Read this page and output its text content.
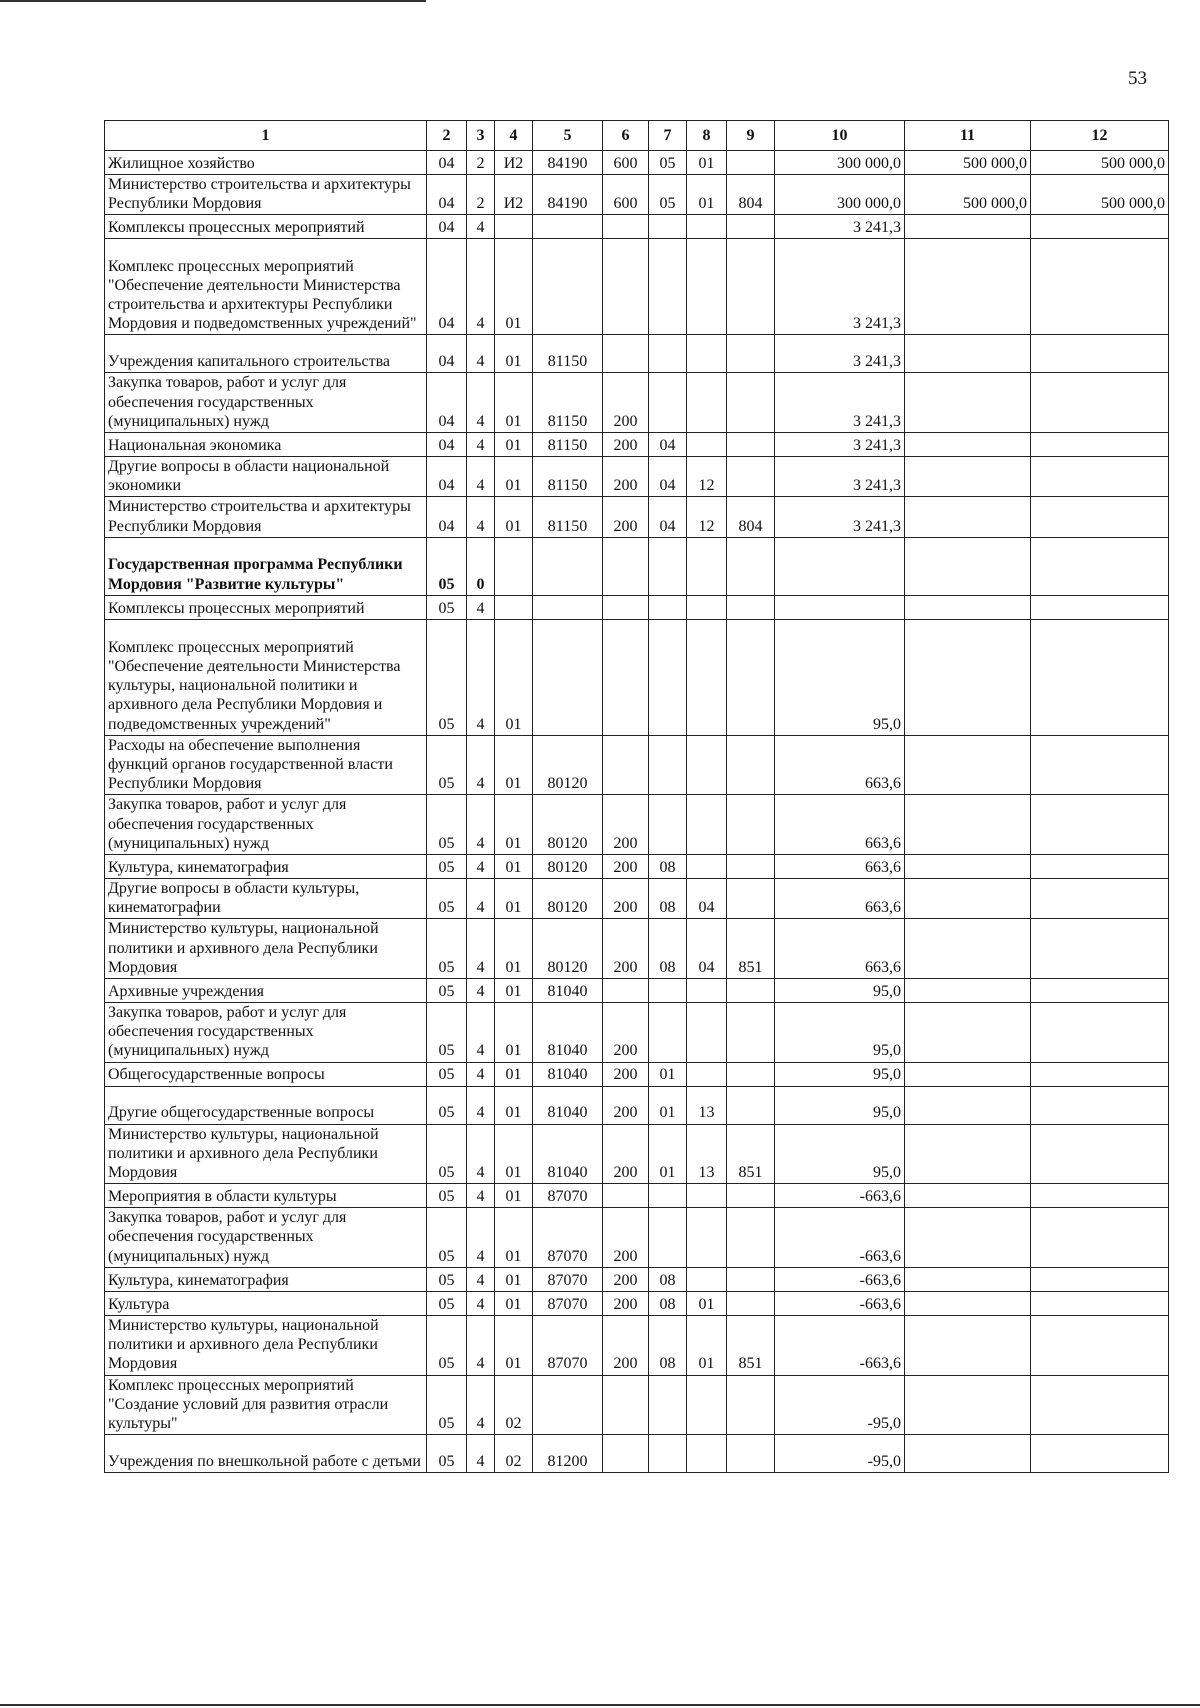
53
1	2	3	4	5	6	7	8	9	10	11	12
Жилищное хозяйство	04	2	И2	84190	600	05	01		300 000,0	500 000,0	500 000,0
Министерство строительства и архитектуры Республики Мордовия	04	2	И2	84190	600	05	01	804	300 000,0	500 000,0	500 000,0
Комплексы процессных мероприятий	04	4							3 241,3		
Комплекс процессных мероприятий "Обеспечение деятельности Министерства строительства и архитектуры Республики Мордовия и подведомственных учреждений"	04	4	01						3 241,3		
Учреждения капитального строительства	04	4	01	81150					3 241,3		
Закупка товаров, работ и услуг для обеспечения государственных (муниципальных) нужд	04	4	01	81150	200				3 241,3		
Национальная экономика	04	4	01	81150	200	04			3 241,3		
Другие вопросы в области национальной экономики	04	4	01	81150	200	04	12		3 241,3		
Министерство строительства и архитектуры Республики Мордовия	04	4	01	81150	200	04	12	804	3 241,3		
Государственная программа Республики Мордовия "Развитие культуры"	05	0									
Комплексы процессных мероприятий	05	4									
Комплекс процессных мероприятий "Обеспечение деятельности Министерства культуры, национальной политики и архивного дела Республики Мордовия и подведомственных учреждений"	05	4	01						95,0		
Расходы на обеспечение выполнения функций органов государственной власти Республики Мордовия	05	4	01	80120					663,6		
Закупка товаров, работ и услуг для обеспечения государственных (муниципальных) нужд	05	4	01	80120	200				663,6		
Культура, кинематография	05	4	01	80120	200	08			663,6		
Другие вопросы в области культуры, кинематографии	05	4	01	80120	200	08	04		663,6		
Министерство культуры, национальной политики и архивного дела Республики Мордовия	05	4	01	80120	200	08	04	851	663,6		
Архивные учреждения	05	4	01	81040					95,0		
Закупка товаров, работ и услуг для обеспечения государственных (муниципальных) нужд	05	4	01	81040	200				95,0		
Общегосударственные вопросы	05	4	01	81040	200	01			95,0		
Другие общегосударственные вопросы	05	4	01	81040	200	01	13		95,0		
Министерство культуры, национальной политики и архивного дела Республики Мордовия	05	4	01	81040	200	01	13	851	95,0		
Мероприятия в области культуры	05	4	01	87070					-663,6		
Закупка товаров, работ и услуг для обеспечения государственных (муниципальных) нужд	05	4	01	87070	200				-663,6		
Культура, кинематография	05	4	01	87070	200	08			-663,6		
Культура	05	4	01	87070	200	08	01		-663,6		
Министерство культуры, национальной политики и архивного дела Республики Мордовия	05	4	01	87070	200	08	01	851	-663,6		
Комплекс процессных мероприятий "Создание условий для развития отрасли культуры"	05	4	02						-95,0		
Учреждения по внешкольной работе с детьми	05	4	02	81200					-95,0		
